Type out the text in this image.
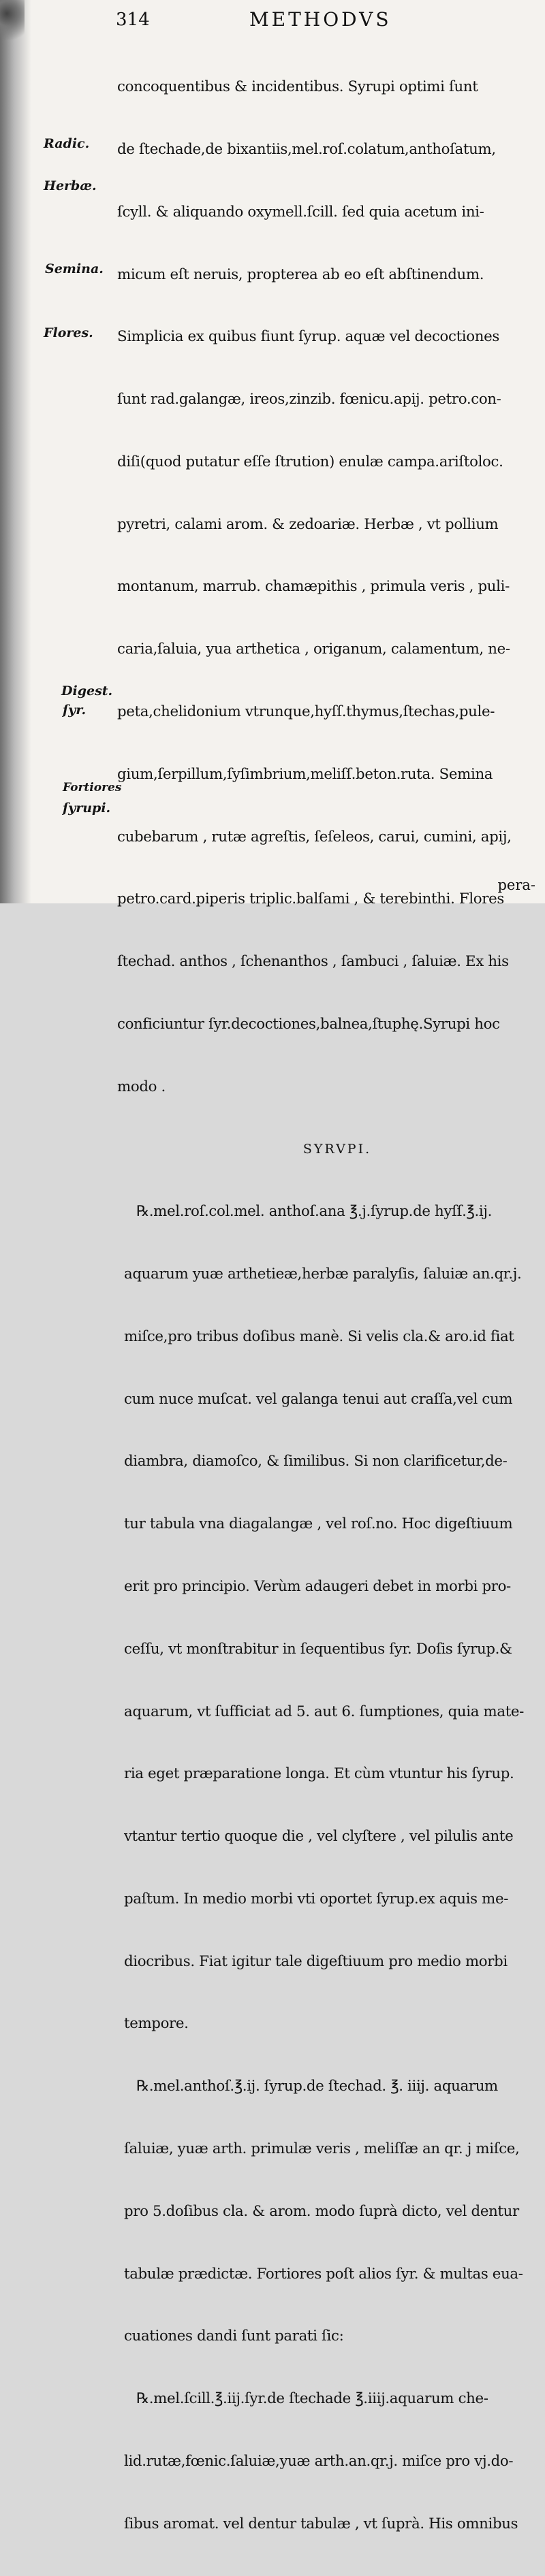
314	METHODVS
Radic.
Herbæ.
Semina.
Flores.
Digest.
ſyr.
Fortiores
ſyrupi.

concoquentibus & incidentibus. Syrupi optimi ſunt

de ſtechade,de bixantiis,mel.roſ.colatum,anthoſatum,

ſcyll. & aliquando oxymell.ſcill. ſed quia acetum ini-

micum eſt neruis, propterea ab eo eſt abſtinendum.

Simplicia ex quibus fiunt ſyrup. aquæ vel decoctiones

ſunt rad.galangæ, ireos,zinzib. fœnicu.apij. petro.con-

diſi(quod putatur eſſe ſtrution) enulæ campa.ariſtoloc.

pyretri, calami arom. & zedoariæ. Herbæ , vt pollium

montanum, marrub. chamæpithis , primula veris , puli-

caria,ſaluia, yua arthetica , origanum, calamentum, ne-

peta,chelidonium vtrunque,hyſſ.thymus,ſtechas,pule-

gium,ſerpillum,ſyſimbrium,meliſſ.beton.ruta. Semina

cubebarum , rutæ agreſtis, ſeſeleos, carui, cumini, apij,

petro.card.piperis triplic.balſami , & terebinthi. Flores

ſtechad. anthos , ſchenanthos , ſambuci , ſaluiæ. Ex his

conficiuntur ſyr.decoctiones,balnea,ſtuphę.Syrupi hoc

modo .

SYRVPI.

℞.mel.roſ.col.mel. anthoſ.ana ℥.j.ſyrup.de hyſſ.℥.ij.

aquarum yuæ arthetieæ,herbæ paralyſis, ſaluiæ an.qr.j.

miſce,pro tribus doſibus manè. Si velis cla.& aro.id fiat

cum nuce muſcat. vel galanga tenui aut craſſa,vel cum

diambra, diamoſco, & ſimilibus. Si non clarificetur,de-

tur tabula vna diagalangæ , vel roſ.no. Hoc digeſtiuum

erit pro principio. Verùm adaugeri debet in morbi pro-

ceſſu, vt monſtrabitur in ſequentibus ſyr. Doſis ſyrup.&

aquarum, vt ſufficiat ad 5. aut 6. ſumptiones, quia mate-

ria eget præparatione longa. Et cùm vtuntur his ſyrup.

vtantur tertio quoque die , vel clyſtere , vel pilulis ante

paſtum. In medio morbi vti oportet ſyrup.ex aquis me-

diocribus. Fiat igitur tale digeſtiuum pro medio morbi

tempore.

℞.mel.anthoſ.℥.ij. ſyrup.de ſtechad. ℥. iiij. aquarum

ſaluiæ, yuæ arth. primulæ veris , meliſſæ an qr. j miſce,

pro 5.doſibus cla. & arom. modo ſuprà dicto, vel dentur

tabulæ prædictæ. Fortiores poſt alios ſyr. & multas eua-

cuationes dandi ſunt parati ſic:

℞.mel.ſcill.℥.iij.ſyr.de ſtechade ℥.iiij.aquarum che-

lid.rutæ,fœnic.ſaluiæ,yuæ arth.an.qr.j. miſce pro vj.do-

ſibus aromat. vel dentur tabulæ , vt ſuprà. His omnibus

pera-
